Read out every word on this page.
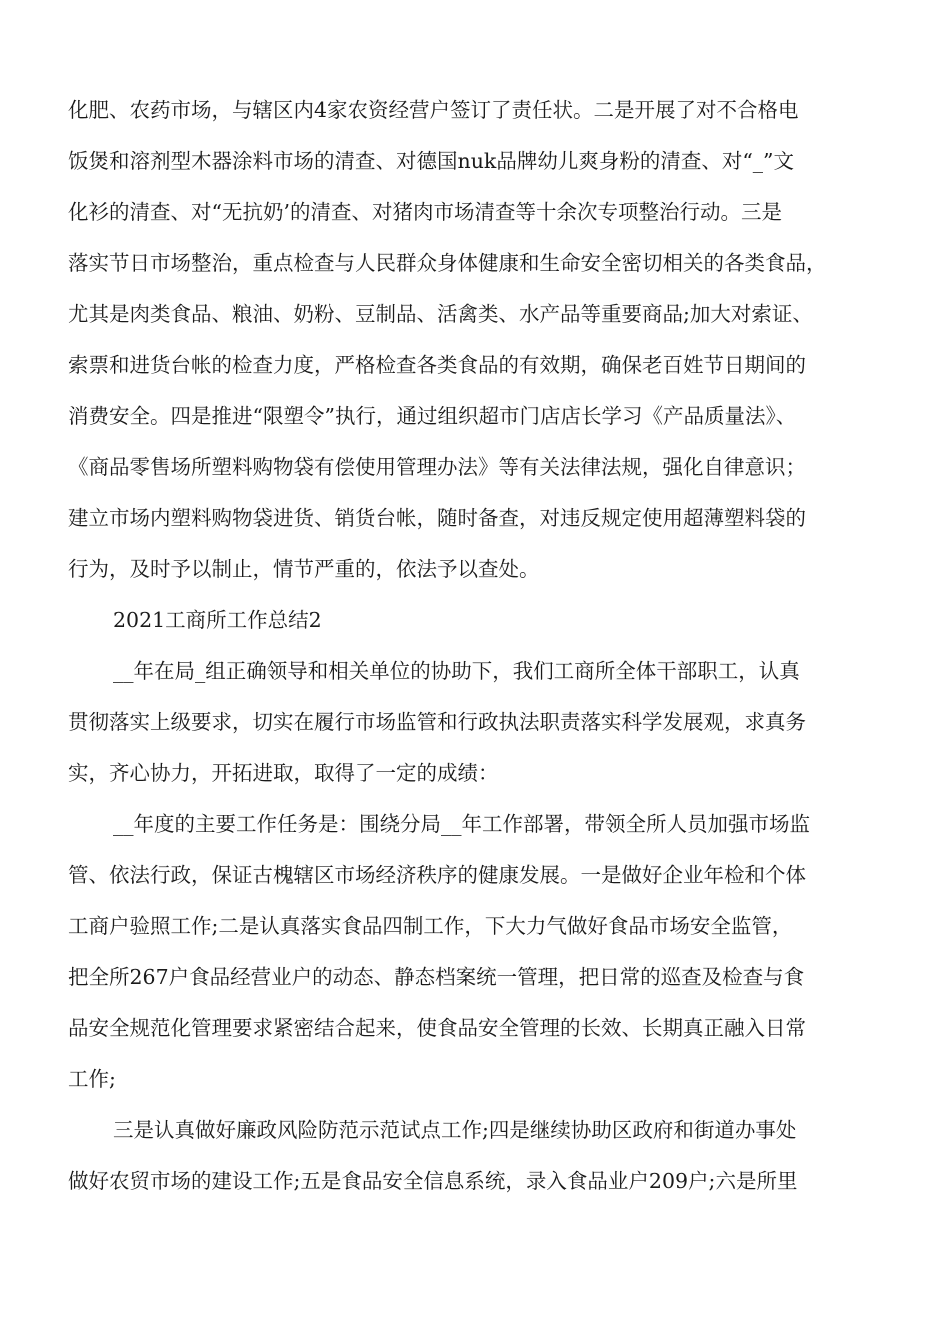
化肥、农药市场，与辖区内4家农资经营户签订了责任状。二是开展了对不合格电
饭煲和溶剂型木器涂料市场的清查、对德国nuk品牌幼儿爽身粉的清查、对“_”文
化衫的清查、对“无抗奶’的清查、对猪肉市场清查等十余次专项整治行动。三是
落实节日市场整治，重点检查与人民群众身体健康和生命安全密切相关的各类食品，
尤其是肉类食品、粮油、奶粉、豆制品、活禽类、水产品等重要商品;加大对索证、
索票和进货台帐的检查力度，严格检查各类食品的有效期，确保老百姓节日期间的
消费安全。四是推进“限塑令”执行，通过组织超市门店店长学习《产品质量法》、
《商品零售场所塑料购物袋有偿使用管理办法》等有关法律法规，强化自律意识；
建立市场内塑料购物袋进货、销货台帐，随时备查，对违反规定使用超薄塑料袋的
行为，及时予以制止，情节严重的，依法予以查处。
2021工商所工作总结2
__年在局_组正确领导和相关单位的协助下，我们工商所全体干部职工，认真
贯彻落实上级要求，切实在履行市场监管和行政执法职责落实科学发展观，求真务
实，齐心协力，开拓进取，取得了一定的成绩：
__年度的主要工作任务是：围绕分局__年工作部署，带领全所人员加强市场监
管、依法行政，保证古槐辖区市场经济秩序的健康发展。一是做好企业年检和个体
工商户验照工作;二是认真落实食品四制工作，下大力气做好食品市场安全监管，
把全所267户食品经营业户的动态、静态档案统一管理，把日常的巡查及检查与食
品安全规范化管理要求紧密结合起来，使食品安全管理的长效、长期真正融入日常
工作;
三是认真做好廉政风险防范示范试点工作;四是继续协助区政府和街道办事处
做好农贸市场的建设工作;五是食品安全信息系统，录入食品业户209户;六是所里
